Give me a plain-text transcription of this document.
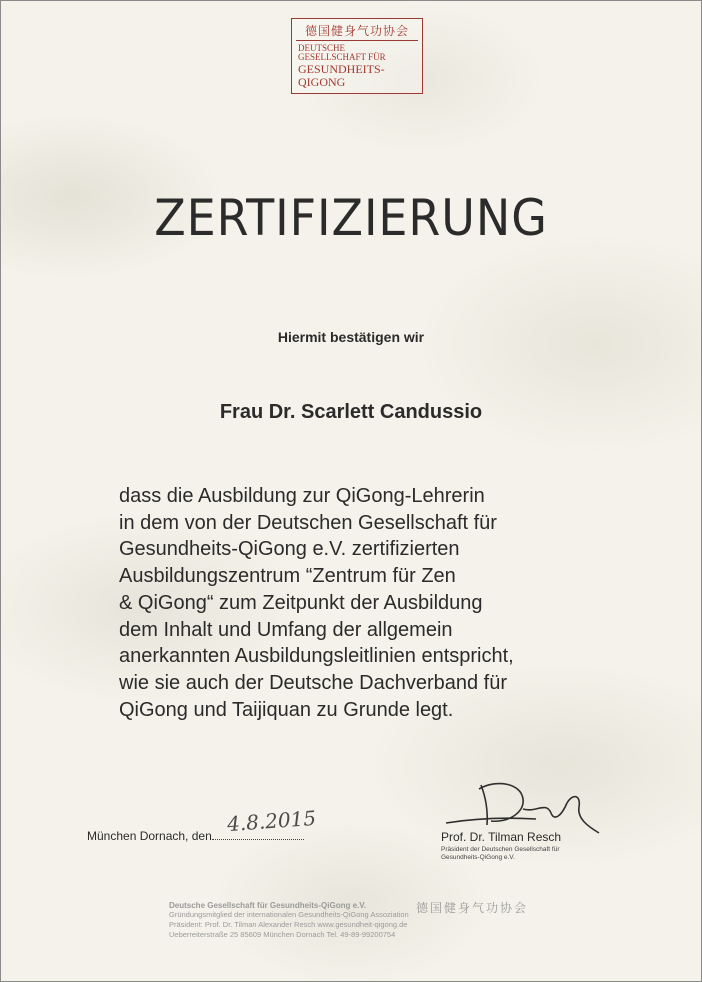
德国健身气功协会
DEUTSCHE
GESELLSCHAFT FÜR
GESUNDHEITS-
QIGONG
ZERTIFIZIERUNG
Hiermit bestätigen wir
Frau Dr. Scarlett Candussio
dass die Ausbildung zur QiGong-Lehrerin
in dem von der Deutschen Gesellschaft für
Gesundheits-QiGong e.V. zertifizierten
Ausbildungszentrum “Zentrum für Zen
& QiGong“ zum Zeitpunkt der Ausbildung
dem Inhalt und Umfang der allgemein
anerkannten Ausbildungsleitlinien entspricht,
wie sie auch der Deutsche Dachverband für
QiGong und Taijiquan zu Grunde legt.
München Dornach, den 4.8.2015
Prof. Dr. Tilman Resch
Präsident der Deutschen Gesellschaft für
Gesundheits-QiGong e.V.
Deutsche Gesellschaft für Gesundheits-QiGong e.V.
Gründungsmitglied der internationalen Gesundheits-QiGong Assoziation
Präsident: Prof. Dr. Tilman Alexander Resch www.gesundheit-qigong.de
Ueberreiterstraße 25 85609 München Dornach Tel. 49-89-99200754
德国健身气功协会
